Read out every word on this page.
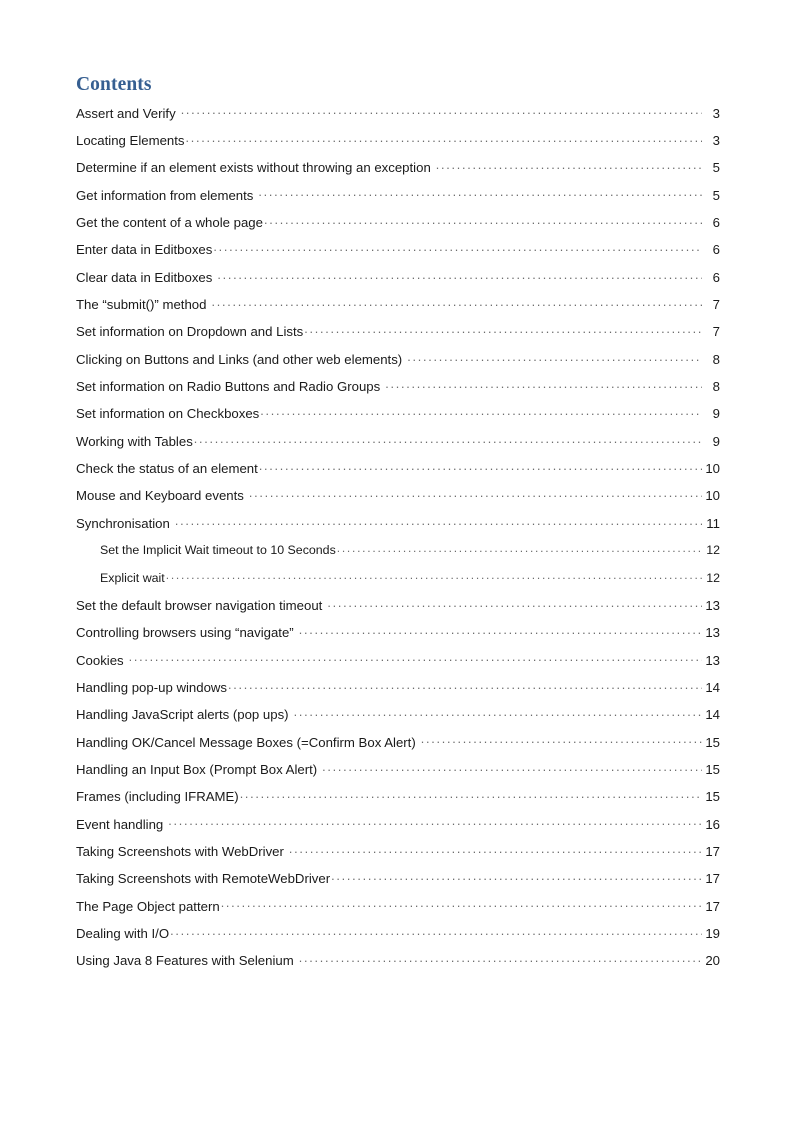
Contents
Assert and Verify .....	3
Locating Elements .....	3
Determine if an element exists without throwing an exception .....	5
Get information from elements .....	5
Get the content of a whole page .....	6
Enter data in Editboxes .....	6
Clear data in Editboxes .....	6
The “submit()” method .....	7
Set information on Dropdown and Lists .....	7
Clicking on Buttons and Links (and other web elements) .....	8
Set information on Radio Buttons and Radio Groups .....	8
Set information on Checkboxes .....	9
Working with Tables .....	9
Check the status of an element .....	10
Mouse and Keyboard events .....	10
Synchronisation .....	11
Set the Implicit Wait timeout to 10 Seconds .....	12
Explicit wait .....	12
Set the default browser navigation timeout .....	13
Controlling browsers using “navigate” .....	13
Cookies .....	13
Handling pop-up windows .....	14
Handling JavaScript alerts (pop ups) .....	14
Handling OK/Cancel Message Boxes (=Confirm Box Alert) .....	15
Handling an Input Box (Prompt Box Alert) .....	15
Frames (including IFRAME) .....	15
Event handling .....	16
Taking Screenshots with WebDriver .....	17
Taking Screenshots with RemoteWebDriver .....	17
The Page Object pattern .....	17
Dealing with I/O .....	19
Using Java 8 Features with Selenium .....	20
